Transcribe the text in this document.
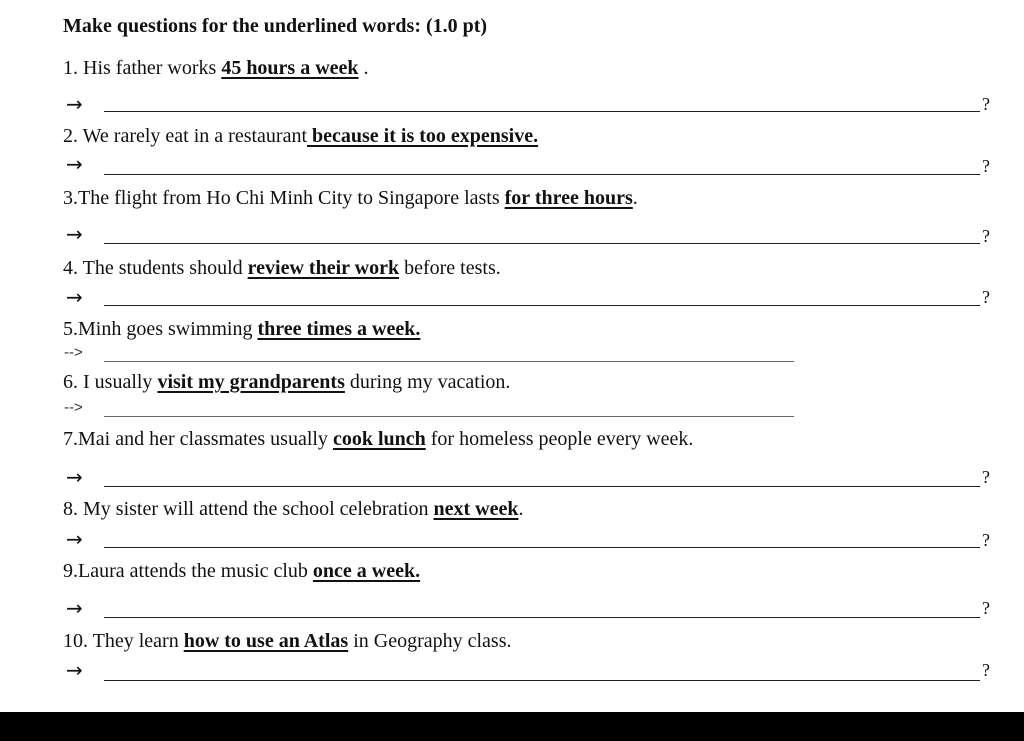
Make questions for the underlined words: (1.0 pt)
1. His father works 45 hours a week .
→	?
2. We rarely eat in a restaurant because it is too expensive.
→	?
3.The flight from Ho Chi Minh City to Singapore lasts for three hours.
→	?
4. The students should review their work before tests.
→	?
5.Minh goes swimming three times a week.
-->
6. I usually visit my grandparents during my vacation.
-->
7.Mai and her classmates usually cook lunch for homeless people every week.
→	?
8. My sister will attend the school celebration next week.
→	?
9.Laura attends the music club once a week.
→	?
10. They learn how to use an Atlas in Geography class.
→	?
